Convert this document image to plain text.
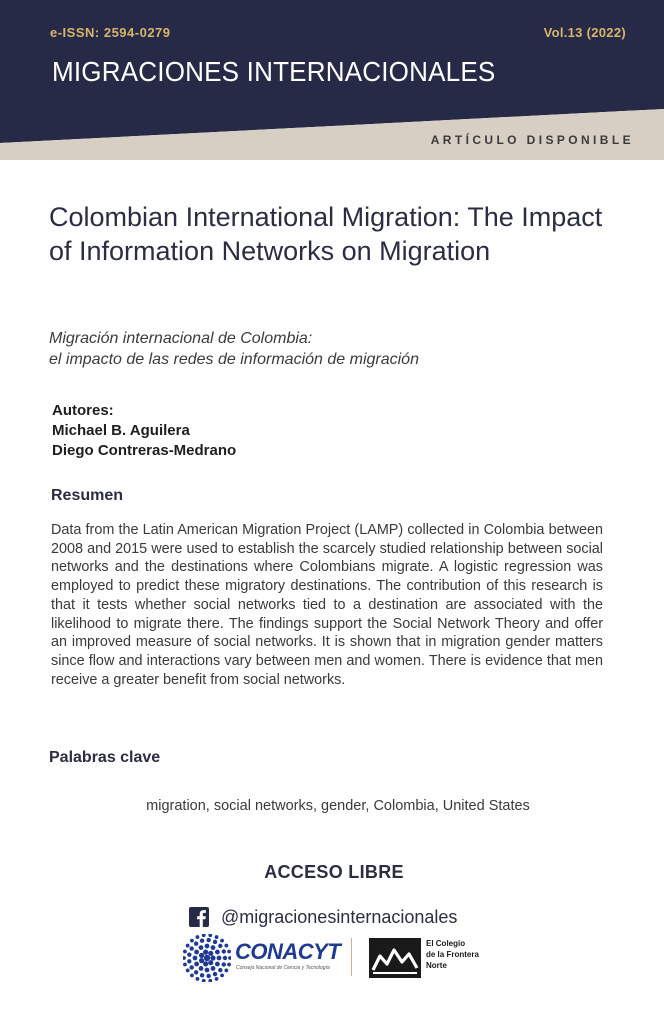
e-ISSN: 2594-0279	Vol.13 (2022)
MIGRACIONES INTERNACIONALES
ARTÍCULO DISPONIBLE
Colombian International Migration: The Impact of Information Networks on Migration

Migración internacional de Colombia:
el impacto de las redes de información de migración

Autores:
Michael B. Aguilera
Diego Contreras-Medrano
Resumen

Data from the Latin American Migration Project (LAMP) collected in Colombia between 2008 and 2015 were used to establish the scarcely studied relationship between social networks and the destinations where Colombians migrate. A logistic regression was employed to predict these migratory destinations. The contribution of this research is that it tests whether social networks tied to a destination are associated with the likelihood to migrate there. The findings support the Social Network Theory and offer an improved measure of social networks. It is shown that in migration gender matters since flow and interactions vary between men and women. There is evidence that men receive a greater benefit from social networks.

Palabras clave
migration, social networks, gender, Colombia, United States
ACCESO LIBRE
@migracionesinternacionales
CONACYT
Consejo Nacional de Ciencia y Tecnología
El Colegio
de la Frontera
Norte
